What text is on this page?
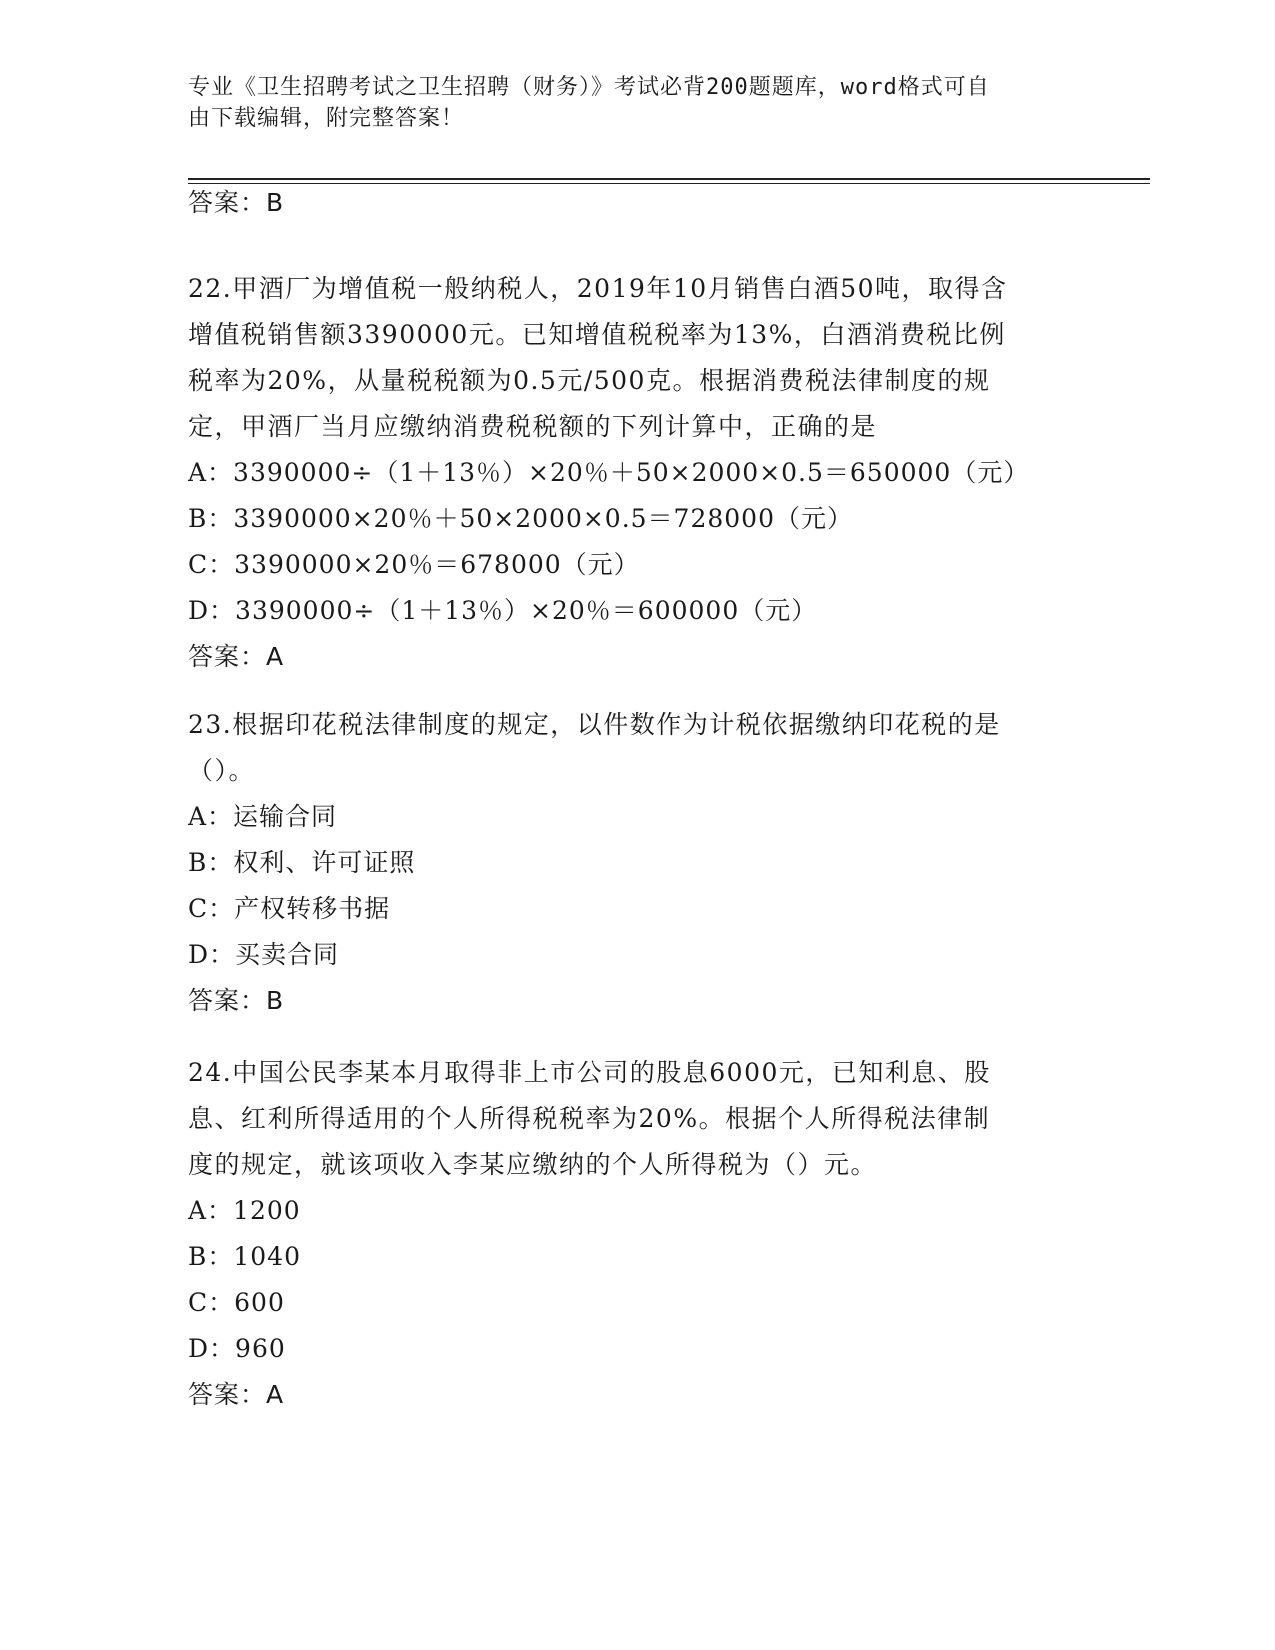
专业《卫生招聘考试之卫生招聘（财务）》考试必背200题题库，word格式可自
由下载编辑，附完整答案！
答案：B
22.甲酒厂为增值税一般纳税人，2019年10月销售白酒50吨，取得含
增值税销售额3390000元。已知增值税税率为13%，白酒消费税比例
税率为20%，从量税税额为0.5元/500克。根据消费税法律制度的规
定，甲酒厂当月应缴纳消费税税额的下列计算中，正确的是
A：3390000÷（1＋13％）×20％＋50×2000×0.5＝650000（元）
B：3390000×20％＋50×2000×0.5＝728000（元）
C：3390000×20％＝678000（元）
D：3390000÷（1＋13％）×20％＝600000（元）
答案：A
23.根据印花税法律制度的规定，以件数作为计税依据缴纳印花税的是
（）。
A：运输合同
B：权利、许可证照
C：产权转移书据
D：买卖合同
答案：B
24.中国公民李某本月取得非上市公司的股息6000元，已知利息、股
息、红利所得适用的个人所得税税率为20%。根据个人所得税法律制
度的规定，就该项收入李某应缴纳的个人所得税为（）元。
A：1200
B：1040
C：600
D：960
答案：A
